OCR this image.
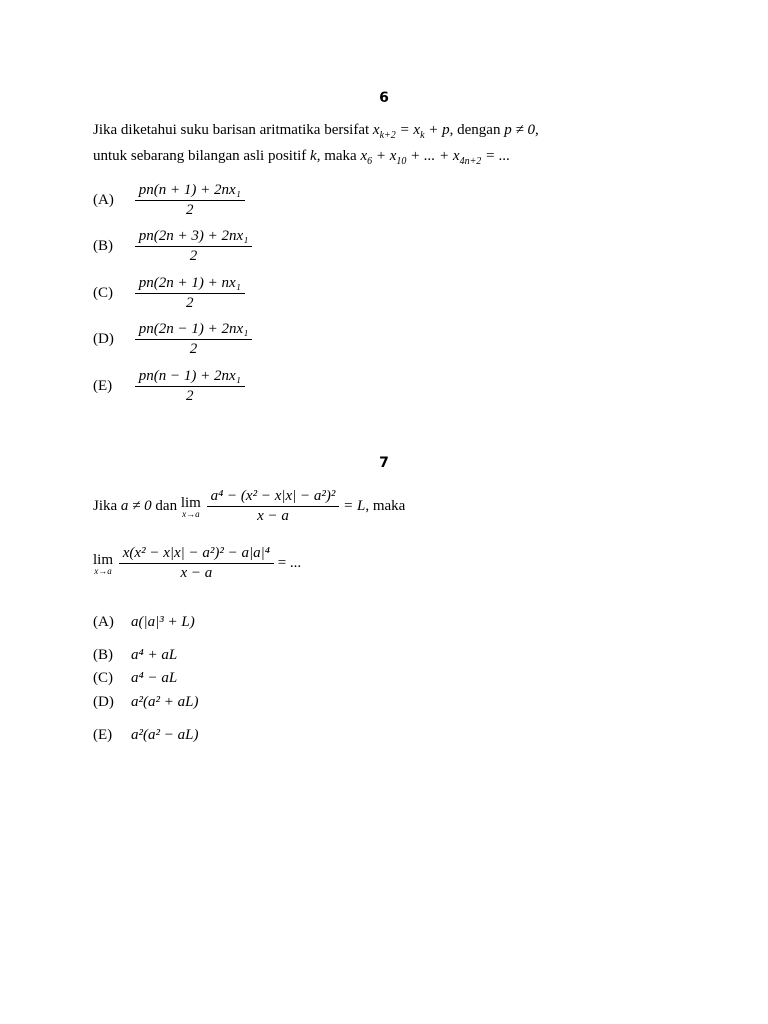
6
Jika diketahui suku barisan aritmatika bersifat $x_{k+2} = x_k + p$, dengan p ≠ 0,
untuk sebarang bilangan asli positif k, maka $x_6 + x_{10}$ + ... + $x_{4n+2}$ = ...
$(A) \frac{\text{pn(n + 1) + 2nx₁}}{2}$
$(B) \frac{\text{pn(2n + 3) + 2nx₁}}{2}$
$(C) \frac{\text{pn(2n + 1) + nx₁}}{2}$
$(D) \frac{\text{pn(2n − 1) + 2nx₁}}{2}$
$(E) \frac{\text{pn(n − 1) + 2nx₁}}{2}$
7
Jika a ≠ 0 dan lim
x→a
$\frac{\text{a⁴ − (x² − x|x| − a²)²}}{x - a} = L$, maka
lim
x→a
$\frac{\text{x(x² − x|x| − a²)² − a|a|⁴}}{x - a}$ = ...
(A) a(|a|³ + L)
(B) a⁴ + aL
(C) a⁴ − aL
(D) a²(a² + aL)
(E) a²(a² − aL)
